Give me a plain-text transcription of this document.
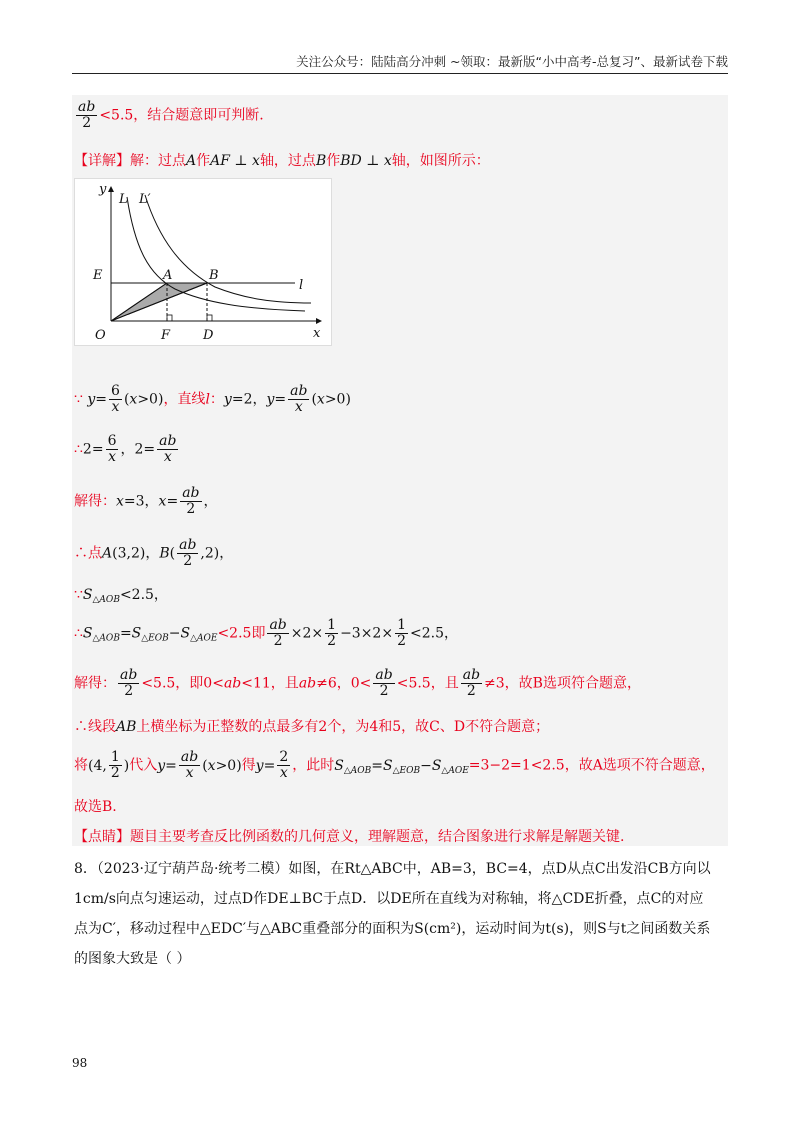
关注公众号：陆陆高分冲刺 ~领取：最新版“小中高考-总复习”、最新试卷下载
$\frac{ab}{2} <5.5$，结合题意即可判断.
【详解】解：过点A作AF ⊥ x轴，过点B作BD ⊥ x轴，如图所示：
y
L L′
E	A	B
l
O	F	D	x
∵ $y= \frac{6}{x} (x>0)$，直线l：y=2，$y= \frac{ab}{x} (x>0)$
∴2= $\frac{6}{x}$ ，$2= \frac{ab}{x}$
解得：x=3，$x= \frac{ab}{2}$ ，
∴点A(3,2)，$B( \frac{ab}{2} ,2)$，
$\because S_{\triangle AOB}<2.5$，
$\therefore S_{\triangle AOB}=S_{\triangle EOB}-S_{\triangle AOE}<2.5$即 $\frac{ab}{2} \times 2\times \frac{1}{2} -3\times 2\times \frac{1}{2} <2.5$，
解得： $\frac{ab}{2} <5.5$，即0<ab<11，且ab≠6，$0< \frac{ab}{2} <5.5$，且 $\frac{ab}{2} \ne 3$，故B选项符合题意，
∴线段AB上横坐标为正整数的点最多有2个，为4和5，故C、D不符合题意；
将(4, $\frac{1}{2}$ )代入$y= \frac{ab}{x} (x>0)$得$y= \frac{2}{x}$ ，此时$S_{\triangle AOB}=S_{\triangle EOB}-S_{\triangle AOE}=3-2=1<2.5$，故A选项不符合题意，
故选B.
【点睛】题目主要考查反比例函数的几何意义，理解题意，结合图象进行求解是解题关键.
8．（2023·辽宁葫芦岛·统考二模）如图，在Rt△ABC中，AB=3，BC=4，点D从点C出发沿CB方向以
1cm/s向点匀速运动，过点D作DE⊥BC于点D．以DE所在直线为对称轴，将△CDE折叠，点C的对应
点为C′，移动过程中△EDC′与△ABC重叠部分的面积为S(cm²)，运动时间为t(s)，则S与t之间函数关系
的图象大致是（ ）
98
